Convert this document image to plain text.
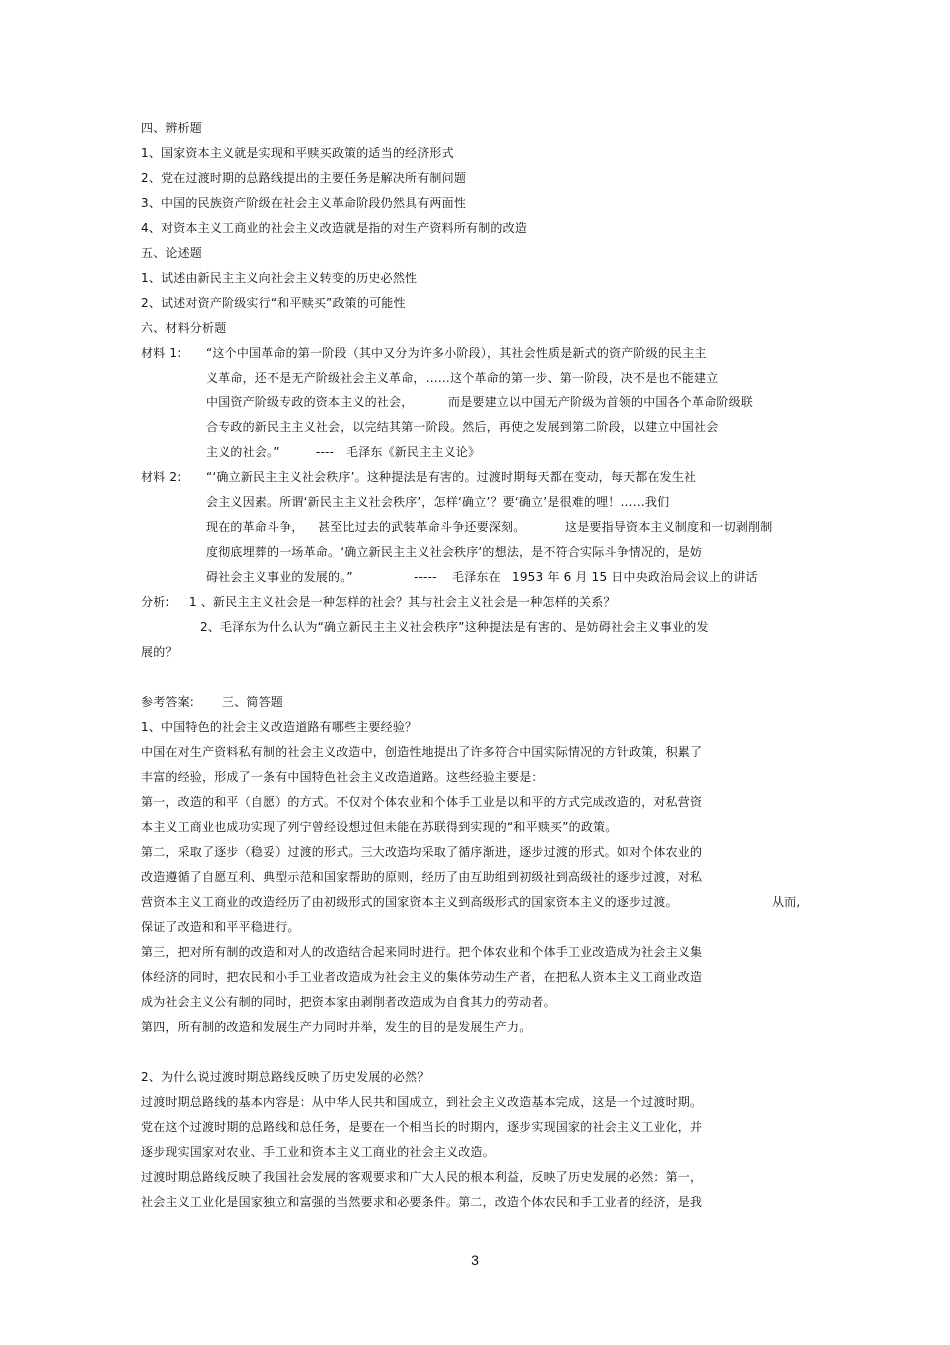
四、辨析题
1、国家资本主义就是实现和平赎买政策的适当的经济形式
2、党在过渡时期的总路线提出的主要任务是解决所有制问题
3、中国的民族资产阶级在社会主义革命阶段仍然具有两面性
4、对资本主义工商业的社会主义改造就是指的对生产资料所有制的改造
五、论述题
1、试述由新民主主义向社会主义转变的历史必然性
2、试述对资产阶级实行“和平赎买”政策的可能性
六、材料分析题
材料 1: “这个中国革命的第一阶段（其中又分为许多小阶段），其社会性质是新式的资产阶级的民主主
义革命，还不是无产阶级社会主义革命，……这个革命的第一步、第一阶段，决不是也不能建立
中国资产阶级专政的资本主义的社会，	而是要建立以中国无产阶级为首领的中国各个革命阶级联
合专政的新民主主义社会，以完结其第一阶段。然后，再使之发展到第二阶段，以建立中国社会
主义的社会。”	---- 毛泽东《新民主主义论》
材料 2: “‘确立新民主主义社会秩序’。这种提法是有害的。过渡时期每天都在变动，每天都在发生社
会主义因素。所谓‘新民主主义社会秩序’，怎样‘确立’？要‘确立’是很难的哩！……我们
现在的革命斗争， 甚至比过去的武装革命斗争还要深刻。	这是要指导资本主义制度和一切剥削制
度彻底埋葬的一场革命。‘确立新民主主义社会秩序’的想法，是不符合实际斗争情况的，是妨
碍社会主义事业的发展的。”	----- 毛泽东在 1953 年 6 月 15 日中央政治局会议上的讲话
分析: 1 、新民主主义社会是一种怎样的社会？其与社会主义社会是一种怎样的关系？
2、毛泽东为什么认为“确立新民主主义社会秩序”这种提法是有害的、是妨碍社会主义事业的发
展的？
参考答案: 三、简答题
1、中国特色的社会主义改造道路有哪些主要经验？
中国在对生产资料私有制的社会主义改造中，创造性地提出了许多符合中国实际情况的方针政策，积累了
丰富的经验，形成了一条有中国特色社会主义改造道路。这些经验主要是：
第一，改造的和平（自愿）的方式。不仅对个体农业和个体手工业是以和平的方式完成改造的，对私营资
本主义工商业也成功实现了列宁曾经设想过但未能在苏联得到实现的“和平赎买”的政策。
第二，采取了逐步（稳妥）过渡的形式。三大改造均采取了循序渐进，逐步过渡的形式。如对个体农业的
改造遵循了自愿互利、典型示范和国家帮助的原则，经历了由互助组到初级社到高级社的逐步过渡，对私
营资本主义工商业的改造经历了由初级形式的国家资本主义到高级形式的国家资本主义的逐步过渡。	从而,
保证了改造和和平平稳进行。
第三，把对所有制的改造和对人的改造结合起来同时进行。把个体农业和个体手工业改造成为社会主义集
体经济的同时，把农民和小手工业者改造成为社会主义的集体劳动生产者，在把私人资本主义工商业改造
成为社会主义公有制的同时，把资本家由剥削者改造成为自食其力的劳动者。
第四，所有制的改造和发展生产力同时并举，发生的目的是发展生产力。
2、为什么说过渡时期总路线反映了历史发展的必然？
过渡时期总路线的基本内容是：从中华人民共和国成立，到社会主义改造基本完成，这是一个过渡时期。
党在这个过渡时期的总路线和总任务，是要在一个相当长的时期内，逐步实现国家的社会主义工业化，并
逐步现实国家对农业、手工业和资本主义工商业的社会主义改造。
过渡时期总路线反映了我国社会发展的客观要求和广大人民的根本利益，反映了历史发展的必然：第一，
社会主义工业化是国家独立和富强的当然要求和必要条件。第二，改造个体农民和手工业者的经济，是我
3
